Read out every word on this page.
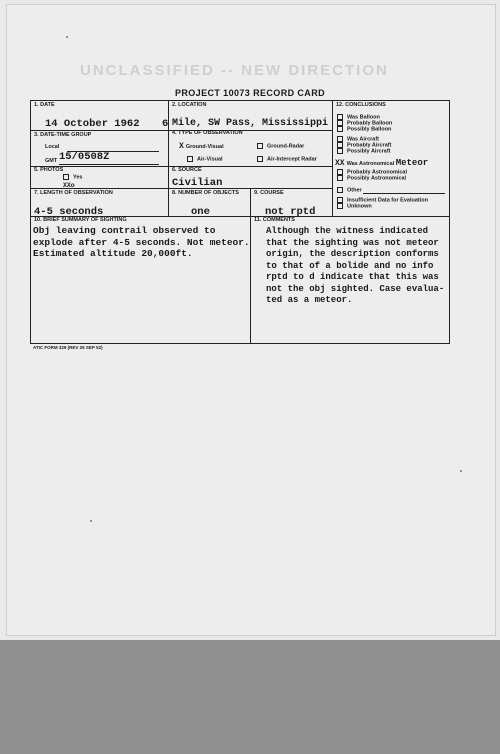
UNCLASSIFIED -- NEW DIRECTION
PROJECT 10073 RECORD CARD
1. DATE
14 October 1962
2. LOCATION
6 Mile, SW Pass, Mississippi
3. DATE-TIME GROUP
Local
GMT 15/0508Z
4. TYPE OF OBSERVATION
X Ground-Visual	Ground-Radar
Air-Visual	Air-Intercept Radar
5. PHOTOS
Yes
XXo
6. SOURCE
Civilian
7. LENGTH OF OBSERVATION
4-5 seconds
8. NUMBER OF OBJECTS
one
9. COURSE
not rptd
10. BRIEF SUMMARY OF SIGHTING
Obj leaving contrail observed to
explode after 4-5 seconds. Not meteor.
Estimated altitude 20,000ft.
11. COMMENTS
Although the witness indicated
that the sighting was not meteor
origin, the description conforms
to that of a bolide and no info
rptd to d indicate that this was
not the obj sighted. Case evalua-
ted as a meteor.
12. CONCLUSIONS
Was Balloon
Probably Balloon
Possibly Balloon
Was Aircraft
Probably Aircraft
Possibly Aircraft
XX Was Astronomical Meteor
Probably Astronomical
Possibly Astronomical
Other
Insufficient Data for Evaluation
Unknown
ATIC FORM 329 (REV 26 SEP 52)
